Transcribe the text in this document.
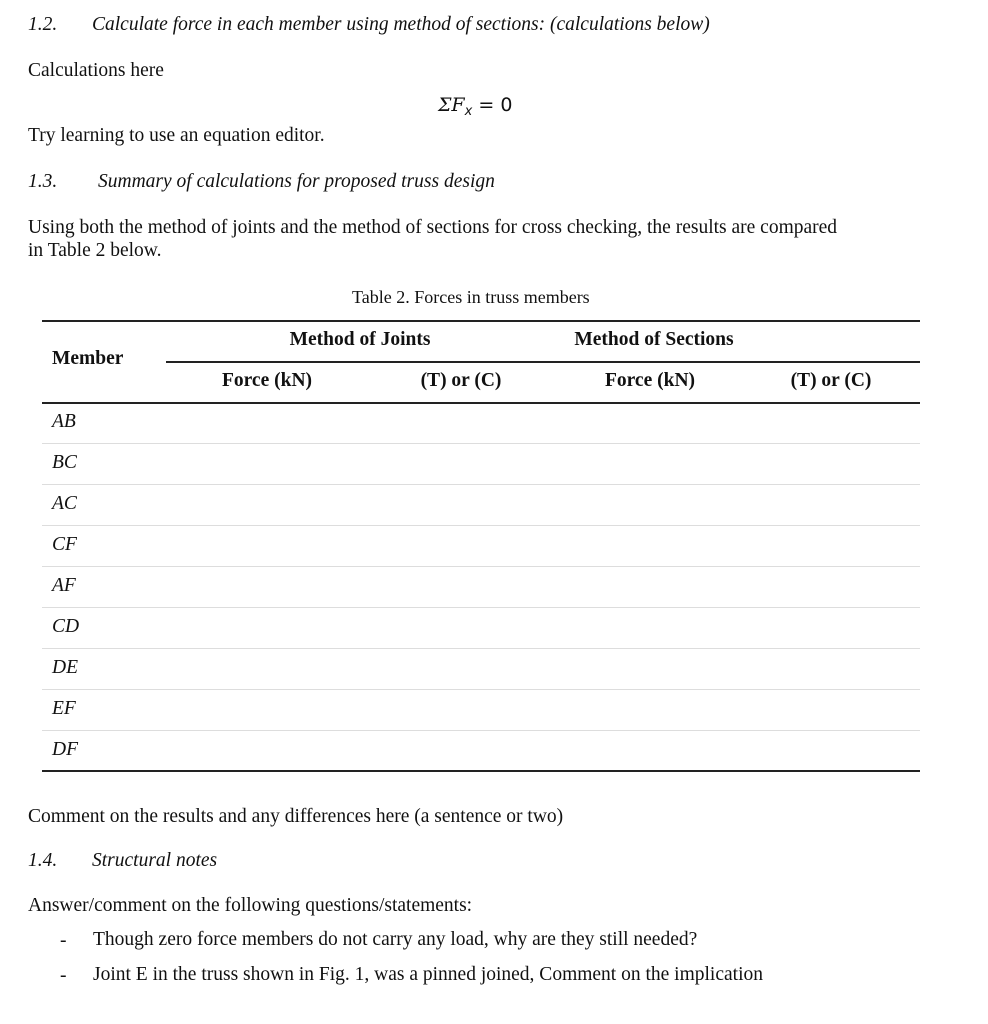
1.2. Calculate force in each member using method of sections: (calculations below)
Calculations here
$\Sigma F_x = 0$
Try learning to use an equation editor.
1.3. Summary of calculations for proposed truss design
Using both the method of joints and the method of sections for cross checking, the results are compared
in Table 2 below.
Table 2. Forces in truss members
Member
Method of Joints	Method of Sections
Force (kN)	(T) or (C)	Force (kN)	(T) or (C)
AB
BC
AC
CF
AF
CD
DE
EF
DF
Comment on the results and any differences here (a sentence or two)
1.4. Structural notes
Answer/comment on the following questions/statements:
- Though zero force members do not carry any load, why are they still needed?
- Joint E in the truss shown in Fig. 1, was a pinned joined, Comment on the implication
